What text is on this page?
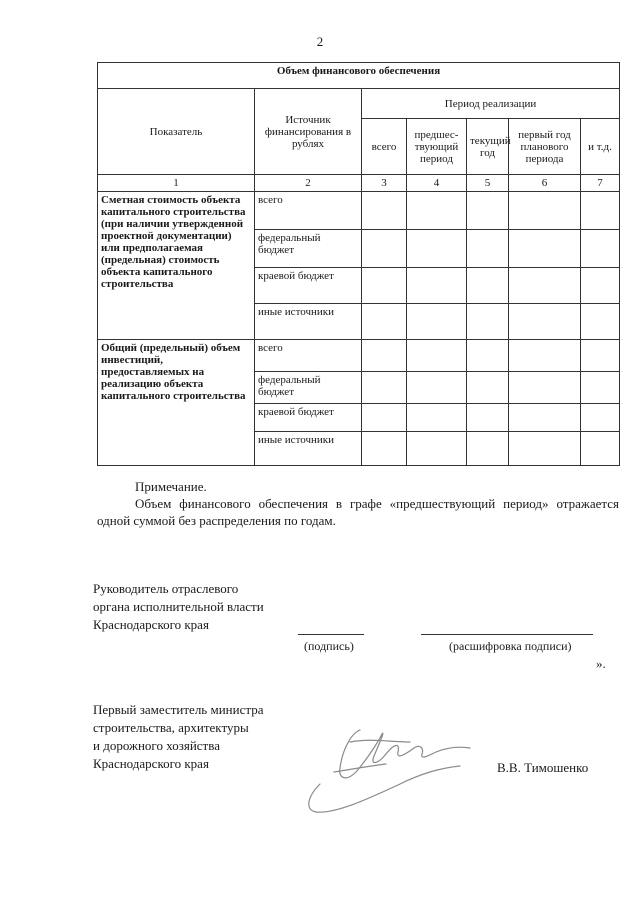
2
Объем финансового обеспечения						
Показатель	Источник финансирования в рублях	Период реализации				
		всего	предшес-твующий период	текущий год	первый год планового периода	и т.д.
1	2	3	4	5	6	7
Сметная стоимость объекта капитального строительства (при наличии утвержденной проектной документации) или предполагаемая (предельная) стоимость объекта капитального строительства	всего					
	федеральный бюджет					
	краевой бюджет					
	иные источники					
Общий (предельный) объем инвестиций, предоставляемых на реализацию объекта капитального строительства	всего					
	федеральный бюджет					
	краевой бюджет					
	иные источники					
Примечание.
Объем финансового обеспечения в графе «предшествующий период» отражается одной суммой без распределения по годам.
Руководитель отраслевого
органа исполнительной власти
Краснодарского края
(подпись)	(расшифровка подписи)
».
Первый заместитель министра
строительства, архитектуры
и дорожного хозяйства
Краснодарского края	В.В. Тимошенко
